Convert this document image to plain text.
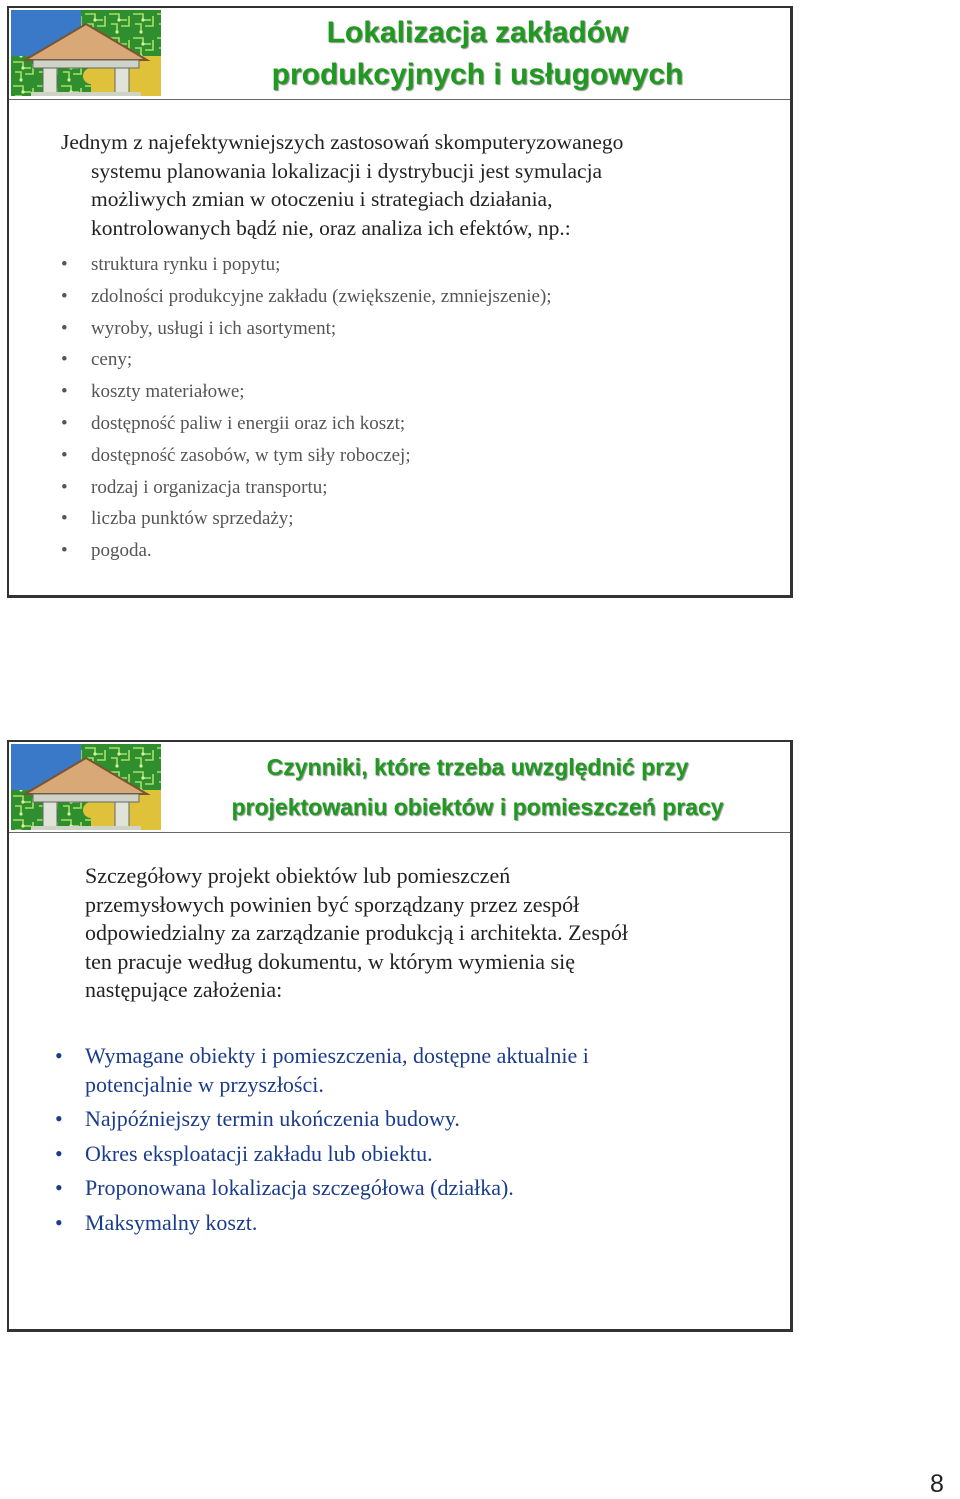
Lokalizacja zakładów
produkcyjnych i usługowych
Jednym z najefektywniejszych zastosowań skomputeryzowanego
systemu planowania lokalizacji i dystrybucji jest symulacja
możliwych zmian w otoczeniu i strategiach działania,
kontrolowanych bądź nie, oraz analiza ich efektów, np.:
• struktura rynku i popytu;
• zdolności produkcyjne zakładu (zwiększenie, zmniejszenie);
• wyroby, usługi i ich asortyment;
• ceny;
• koszty materiałowe;
• dostępność paliw i energii oraz ich koszt;
• dostępność zasobów, w tym siły roboczej;
• rodzaj i organizacja transportu;
• liczba punktów sprzedaży;
• pogoda.
Czynniki, które trzeba uwzględnić przy
projektowaniu obiektów i pomieszczeń pracy
Szczegółowy projekt obiektów lub pomieszczeń
przemysłowych powinien być sporządzany przez zespół
odpowiedzialny za zarządzanie produkcją i architekta. Zespół
ten pracuje według dokumentu, w którym wymienia się
następujące założenia:
• Wymagane obiekty i pomieszczenia, dostępne aktualnie i
potencjalnie w przyszłości.
• Najpóźniejszy termin ukończenia budowy.
• Okres eksploatacji zakładu lub obiektu.
• Proponowana lokalizacja szczegółowa (działka).
• Maksymalny koszt.
8
